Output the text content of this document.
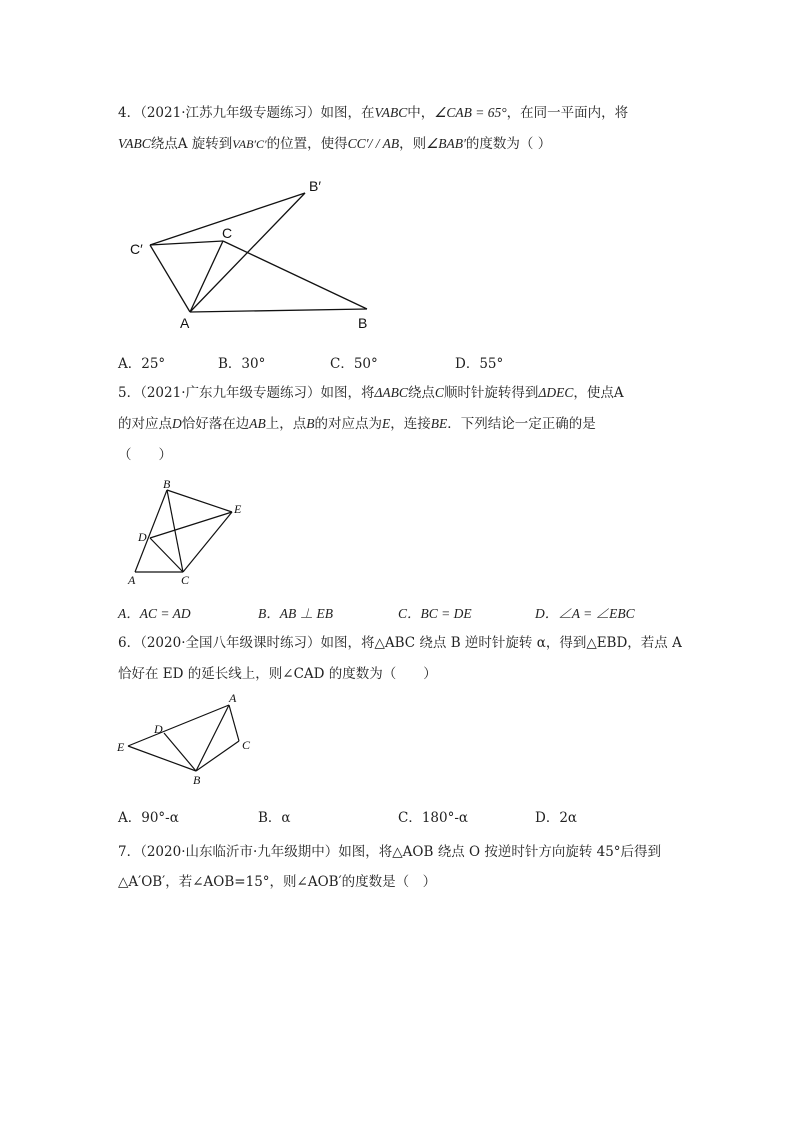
4．（2021·江苏九年级专题练习）如图，在VABC中，∠CAB = 65°，在同一平面内，将
VABC绕点A 旋转到VAB′C′的位置，使得CC′/ / AB，则∠BAB′的度数为（ ）
B′
C′
C
A	B
A．25°	B．30°	C．50°	D．55°
5．（2021·广东九年级专题练习）如图，将ΔABC绕点C顺时针旋转得到ΔDEC，使点A
的对应点D恰好落在边AB上，点B的对应点为E，连接BE．下列结论一定正确的是
（　　）
B
E
D
A	C
A．AC = AD	B．AB ⊥ EB	C．BC = DE	D．∠A = ∠EBC
6．（2020·全国八年级课时练习）如图，将△ABC 绕点 B 逆时针旋转 α，得到△EBD，若点 A
恰好在 ED 的延长线上，则∠CAD 的度数为（　　）
A
D
E	C
B
A．90°-α	B．α	C．180°-α	D．2α
7．（2020·山东临沂市·九年级期中）如图，将△AOB 绕点 O 按逆时针方向旋转 45°后得到
△A′OB′，若∠AOB=15°，则∠AOB′的度数是（　）
